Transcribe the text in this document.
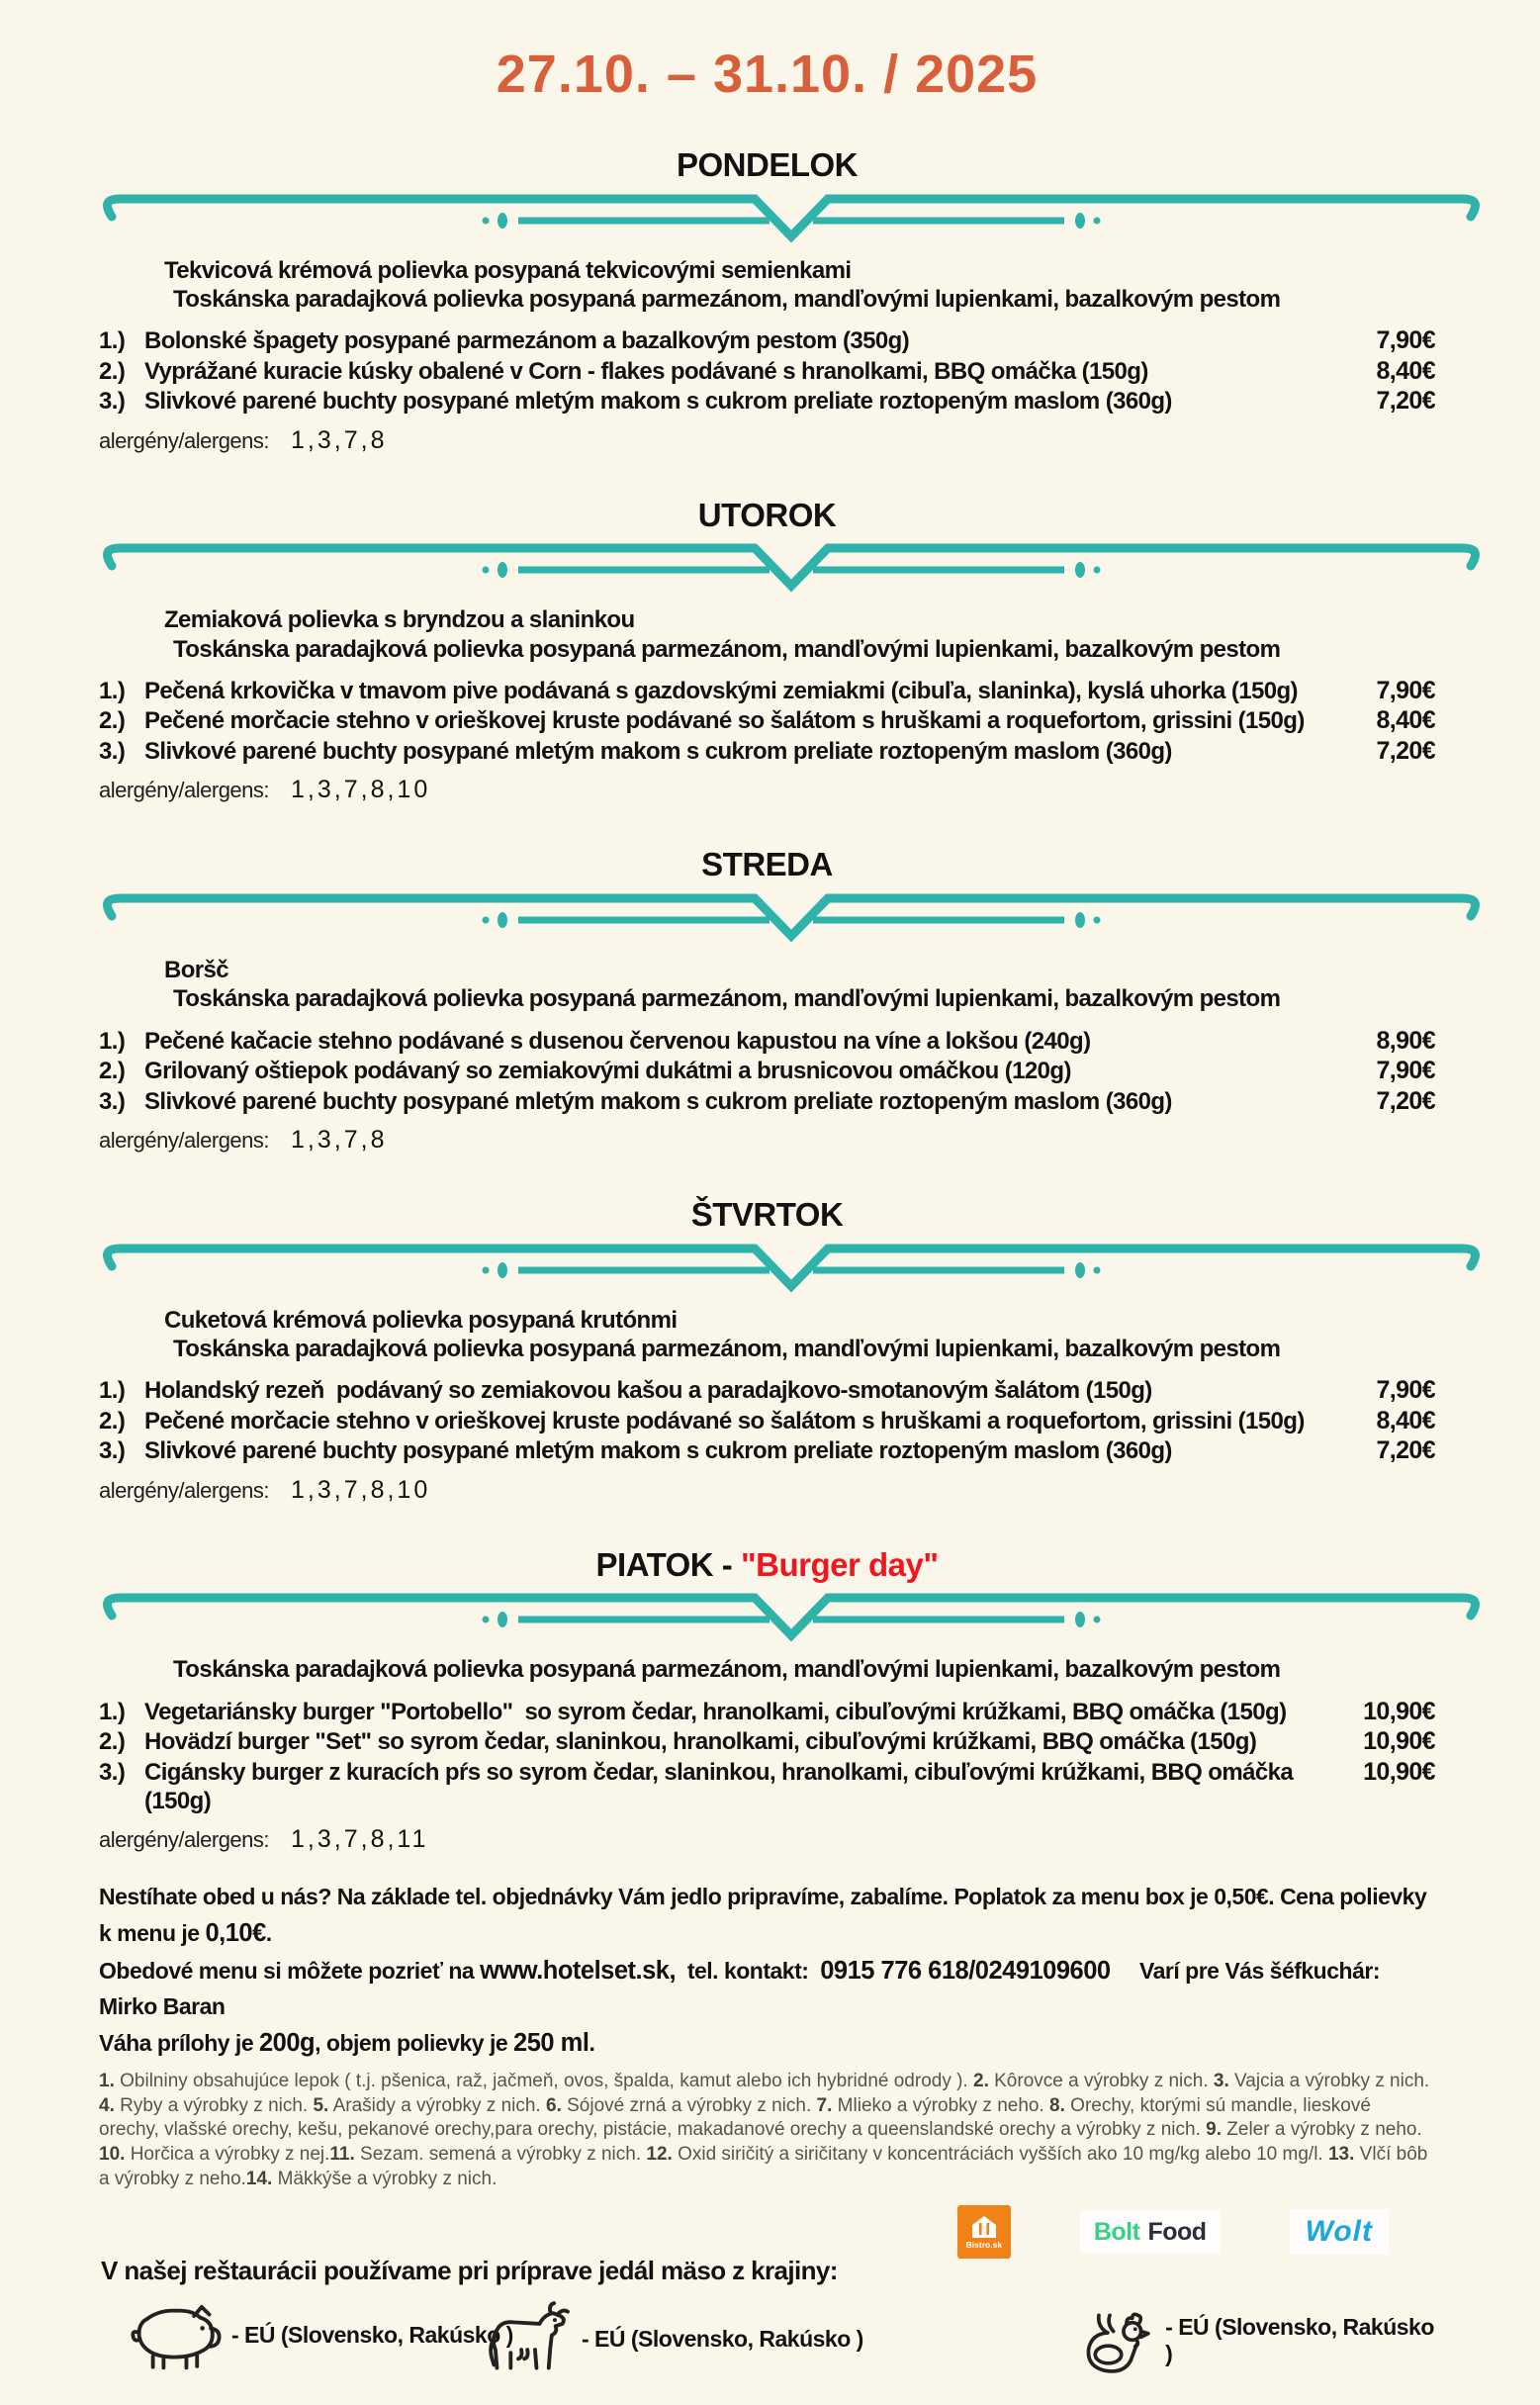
27.10. – 31.10. / 2025
PONDELOK
Tekvicová krémová polievka posypaná tekvicovými semienkami
Toskánska paradajková polievka posypaná parmezánom, mandľovými lupienkami, bazalkovým pestom
1.) Bolonské špagety posypané parmezánom a bazalkovým pestom (350g)	7,90€
2.) Vyprážané kuracie kúsky obalené v Corn - flakes podávané s hranolkami, BBQ omáčka (150g)	8,40€
3.) Slivkové parené buchty posypané mletým makom s cukrom preliate roztopeným maslom (360g)	7,20€
alergény/alergens: 1,3,7,8
UTOROK
Zemiaková polievka s bryndzou a slaninkou
Toskánska paradajková polievka posypaná parmezánom, mandľovými lupienkami, bazalkovým pestom
1.) Pečená krkovička v tmavom pive podávaná s gazdovskými zemiakmi (cibuľa, slaninka), kyslá uhorka (150g)	7,90€
2.) Pečené morčacie stehno v orieškovej kruste podávané so šalátom s hruškami a roquefortom, grissini (150g)	8,40€
3.) Slivkové parené buchty posypané mletým makom s cukrom preliate roztopeným maslom (360g)	7,20€
alergény/alergens: 1,3,7,8,10
STREDA
Boršč
Toskánska paradajková polievka posypaná parmezánom, mandľovými lupienkami, bazalkovým pestom
1.) Pečené kačacie stehno podávané s dusenou červenou kapustou na víne a lokšou (240g)	8,90€
2.) Grilovaný oštiepok podávaný so zemiakovými dukátmi a brusnicovou omáčkou (120g)	7,90€
3.) Slivkové parené buchty posypané mletým makom s cukrom preliate roztopeným maslom (360g)	7,20€
alergény/alergens: 1,3,7,8
ŠTVRTOK
Cuketová krémová polievka posypaná krutónmi
Toskánska paradajková polievka posypaná parmezánom, mandľovými lupienkami, bazalkovým pestom
1.) Holandský rezeň  podávaný so zemiakovou kašou a paradajkovo-smotanovým šalátom (150g)	7,90€
2.) Pečené morčacie stehno v orieškovej kruste podávané so šalátom s hruškami a roquefortom, grissini (150g)	8,40€
3.) Slivkové parené buchty posypané mletým makom s cukrom preliate roztopeným maslom (360g)	7,20€
alergény/alergens: 1,3,7,8,10
PIATOK - "Burger day"
Toskánska paradajková polievka posypaná parmezánom, mandľovými lupienkami, bazalkovým pestom
1.) Vegetariánsky burger "Portobello"  so syrom čedar, hranolkami, cibuľovými krúžkami, BBQ omáčka (150g)	10,90€
2.) Hovädzí burger "Set" so syrom čedar, slaninkou, hranolkami, cibuľovými krúžkami, BBQ omáčka (150g)	10,90€
3.) Cigánsky burger z kuracích pŕs so syrom čedar, slaninkou, hranolkami, cibuľovými krúžkami, BBQ omáčka (150g)
10,90€
alergény/alergens: 1,3,7,8,11
Nestíhate obed u nás? Na základe tel. objednávky Vám jedlo pripravíme, zabalíme. Poplatok za menu box je 0,50€. Cena polievky k menu je 0,10€.
Obedové menu si môžete pozrieť na www.hotelset.sk,  tel. kontakt:  0915 776 618/0249109600     Varí pre Vás šéfkuchár: Mirko Baran
Váha prílohy je 200g, objem polievky je 250 ml.
1. Obilniny obsahujúce lepok ( t.j. pšenica, raž, jačmeň, ovos, špalda, kamut alebo ich hybridné odrody ). 2. Kôrovce a výrobky z nich. 3. Vajcia a výrobky z nich. 4. Ryby a výrobky z nich. 5. Arašidy a výrobky z nich. 6. Sójové zrná a výrobky z nich. 7. Mlieko a výrobky z neho. 8. Orechy, ktorými sú mandle, lieskové orechy, vlašské orechy, kešu, pekanové orechy,para orechy, pistácie, makadanové orechy a queenslandské orechy a výrobky z nich. 9. Zeler a výrobky z neho. 10. Horčica a výrobky z nej.11. Sezam. semená a výrobky z nich. 12. Oxid siričitý a siričitany v koncentráciách vyšších ako 10 mg/kg alebo 10 mg/l. 13. Vlčí bôb a výrobky z neho.14. Mäkkýše a výrobky z nich.
V našej reštaurácii používame pri príprave jedál mäso z krajiny:
Bistro.sk	Bolt Food	Wolt
- EÚ (Slovensko, Rakúsko )	- EÚ (Slovensko, Rakúsko )	- EÚ (Slovensko, Rakúsko )
